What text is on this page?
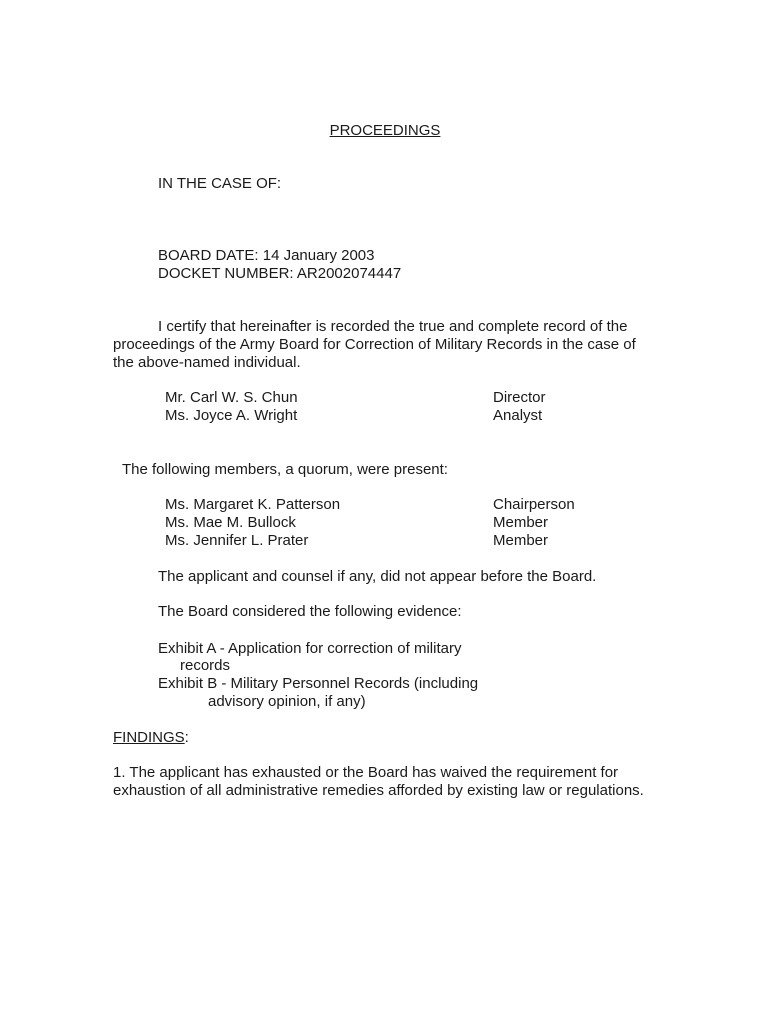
PROCEEDINGS
IN THE CASE OF:
BOARD DATE: 14 January 2003
DOCKET NUMBER: AR2002074447
I certify that hereinafter is recorded the true and complete record of the
proceedings of the Army Board for Correction of Military Records in the case of
the above-named individual.
Mr. Carl W. S. Chun	Director
Ms. Joyce A. Wright	Analyst
The following members, a quorum, were present:
Ms. Margaret K. Patterson	Chairperson
Ms. Mae M. Bullock	Member
Ms. Jennifer L. Prater	Member
The applicant and counsel if any, did not appear before the Board.
The Board considered the following evidence:
Exhibit A - Application for correction of military
records
Exhibit B - Military Personnel Records (including
advisory opinion, if any)
FINDINGS:
1. The applicant has exhausted or the Board has waived the requirement for
exhaustion of all administrative remedies afforded by existing law or regulations.
